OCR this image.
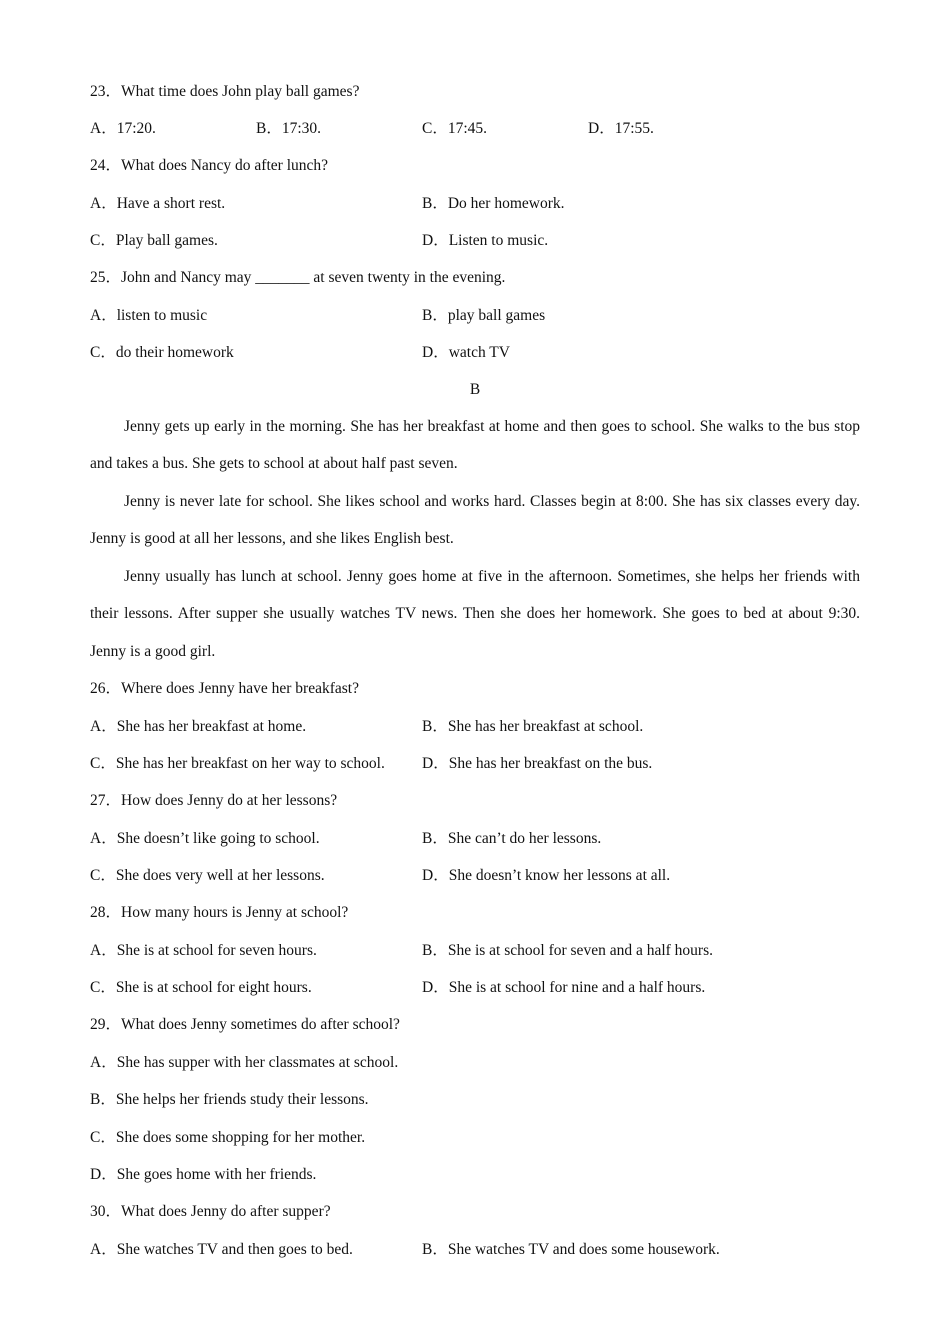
23．What time does John play ball games?
A．17:20.	B．17:30.	C．17:45.	D．17:55.
24．What does Nancy do after lunch?
A．Have a short rest.	B．Do her homework.
C．Play ball games.	D．Listen to music.
25．John and Nancy may _______ at seven twenty in the evening.
A．listen to music	B．play ball games
C．do their homework	D．watch TV
B

Jenny gets up early in the morning. She has her breakfast at home and then goes to school. She walks to the bus stop and takes a bus. She gets to school at about half past seven.

Jenny is never late for school. She likes school and works hard. Classes begin at 8:00. She has six classes every day. Jenny is good at all her lessons, and she likes English best.

Jenny usually has lunch at school. Jenny goes home at five in the afternoon. Sometimes, she helps her friends with their lessons. After supper she usually watches TV news. Then she does her homework. She goes to bed at about 9:30. Jenny is a good girl.

26．Where does Jenny have her breakfast?
A．She has her breakfast at home.	B．She has her breakfast at school.
C．She has her breakfast on her way to school. D．She has her breakfast on the bus.
27．How does Jenny do at her lessons?
A．She doesn’t like going to school.	B．She can’t do her lessons.
C．She does very well at her lessons.	D．She doesn’t know her lessons at all.
28．How many hours is Jenny at school?
A．She is at school for seven hours.	B．She is at school for seven and a half hours.
C．She is at school for eight hours.	D．She is at school for nine and a half hours.
29．What does Jenny sometimes do after school?
A．She has supper with her classmates at school.
B．She helps her friends study their lessons.
C．She does some shopping for her mother.
D．She goes home with her friends.
30．What does Jenny do after supper?
A．She watches TV and then goes to bed.	B．She watches TV and does some housework.
